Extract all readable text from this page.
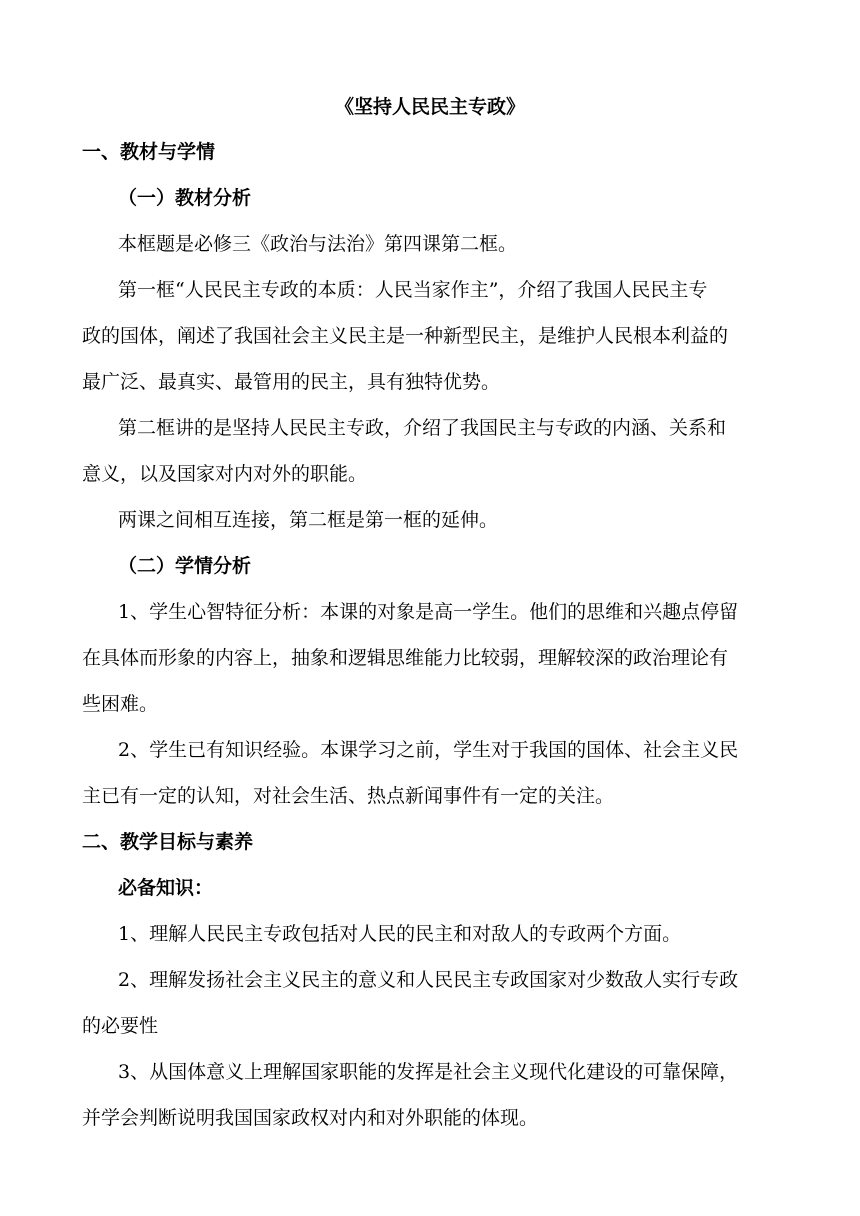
《坚持人民民主专政》

一、教材与学情

（一）教材分析

本框题是必修三《政治与法治》第四课第二框。

第一框“人民民主专政的本质：人民当家作主”，介绍了我国人民民主专

政的国体，阐述了我国社会主义民主是一种新型民主，是维护人民根本利益的

最广泛、最真实、最管用的民主，具有独特优势。

第二框讲的是坚持人民民主专政，介绍了我国民主与专政的内涵、关系和

意义，以及国家对内对外的职能。

两课之间相互连接，第二框是第一框的延伸。

（二）学情分析

1、学生心智特征分析：本课的对象是高一学生。他们的思维和兴趣点停留

在具体而形象的内容上，抽象和逻辑思维能力比较弱，理解较深的政治理论有

些困难。

2、学生已有知识经验。本课学习之前，学生对于我国的国体、社会主义民

主已有一定的认知，对社会生活、热点新闻事件有一定的关注。

二、教学目标与素养

必备知识：

1、理解人民民主专政包括对人民的民主和对敌人的专政两个方面。

2、理解发扬社会主义民主的意义和人民民主专政国家对少数敌人实行专政

的必要性

3、从国体意义上理解国家职能的发挥是社会主义现代化建设的可靠保障，

并学会判断说明我国国家政权对内和对外职能的体现。
